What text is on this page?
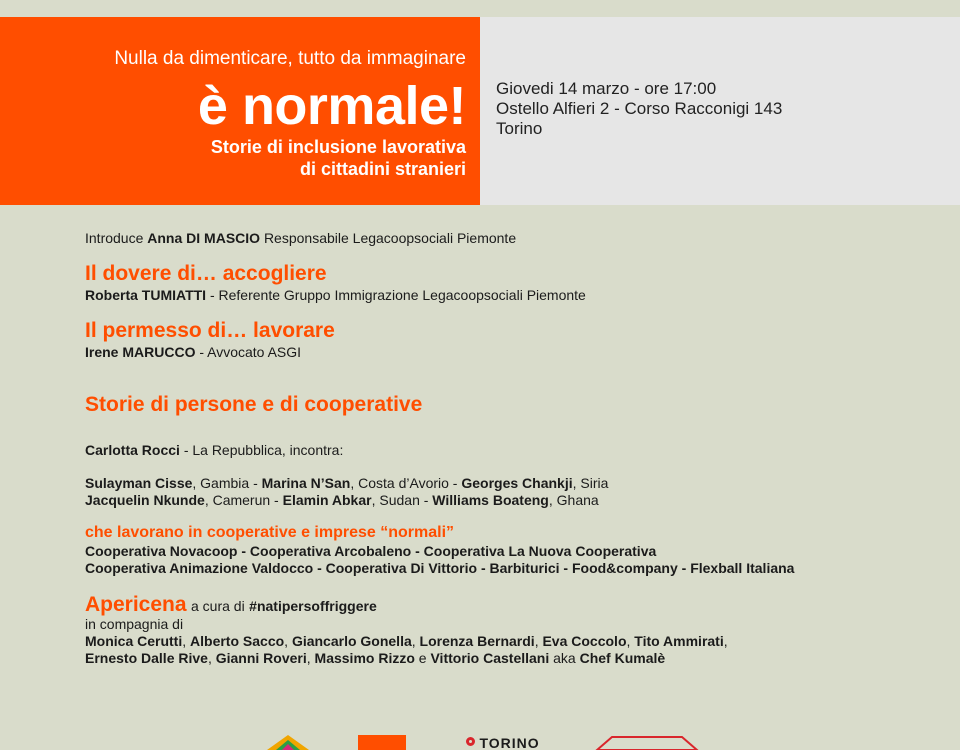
Nulla da dimenticare, tutto da immaginare
è normale!
Storie di inclusione lavorativa
di cittadini stranieri
Giovedi 14 marzo - ore 17:00
Ostello Alfieri 2 - Corso Racconigi 143
Torino
Introduce Anna DI MASCIO Responsabile Legacoopsociali Piemonte
Il dovere di… accogliere
Roberta TUMIATTI - Referente Gruppo Immigrazione Legacoopsociali Piemonte
Il permesso di… lavorare
Irene MARUCCO - Avvocato ASGI
Storie di persone e di cooperative
Carlotta Rocci - La Repubblica, incontra:
Sulayman Cisse, Gambia - Marina N’San, Costa d’Avorio - Georges Chankji, Siria
Jacquelin Nkunde, Camerun - Elamin Abkar, Sudan - Williams Boateng, Ghana
che lavorano in cooperative e imprese “normali”
Cooperativa Novacoop - Cooperativa Arcobaleno - Cooperativa La Nuova Cooperativa
Cooperativa Animazione Valdocco - Cooperativa Di Vittorio - Barbiturici - Food&company - Flexball Italiana
Apericena a cura di #natipersoffriggere
in compagnia di
Monica Cerutti, Alberto Sacco, Giancarlo Gonella, Lorenza Bernardi, Eva Coccolo, Tito Ammirati,
Ernesto Dalle Rive, Gianni Roveri, Massimo Rizzo e Vittorio Castellani aka Chef Kumalè
TORINO
